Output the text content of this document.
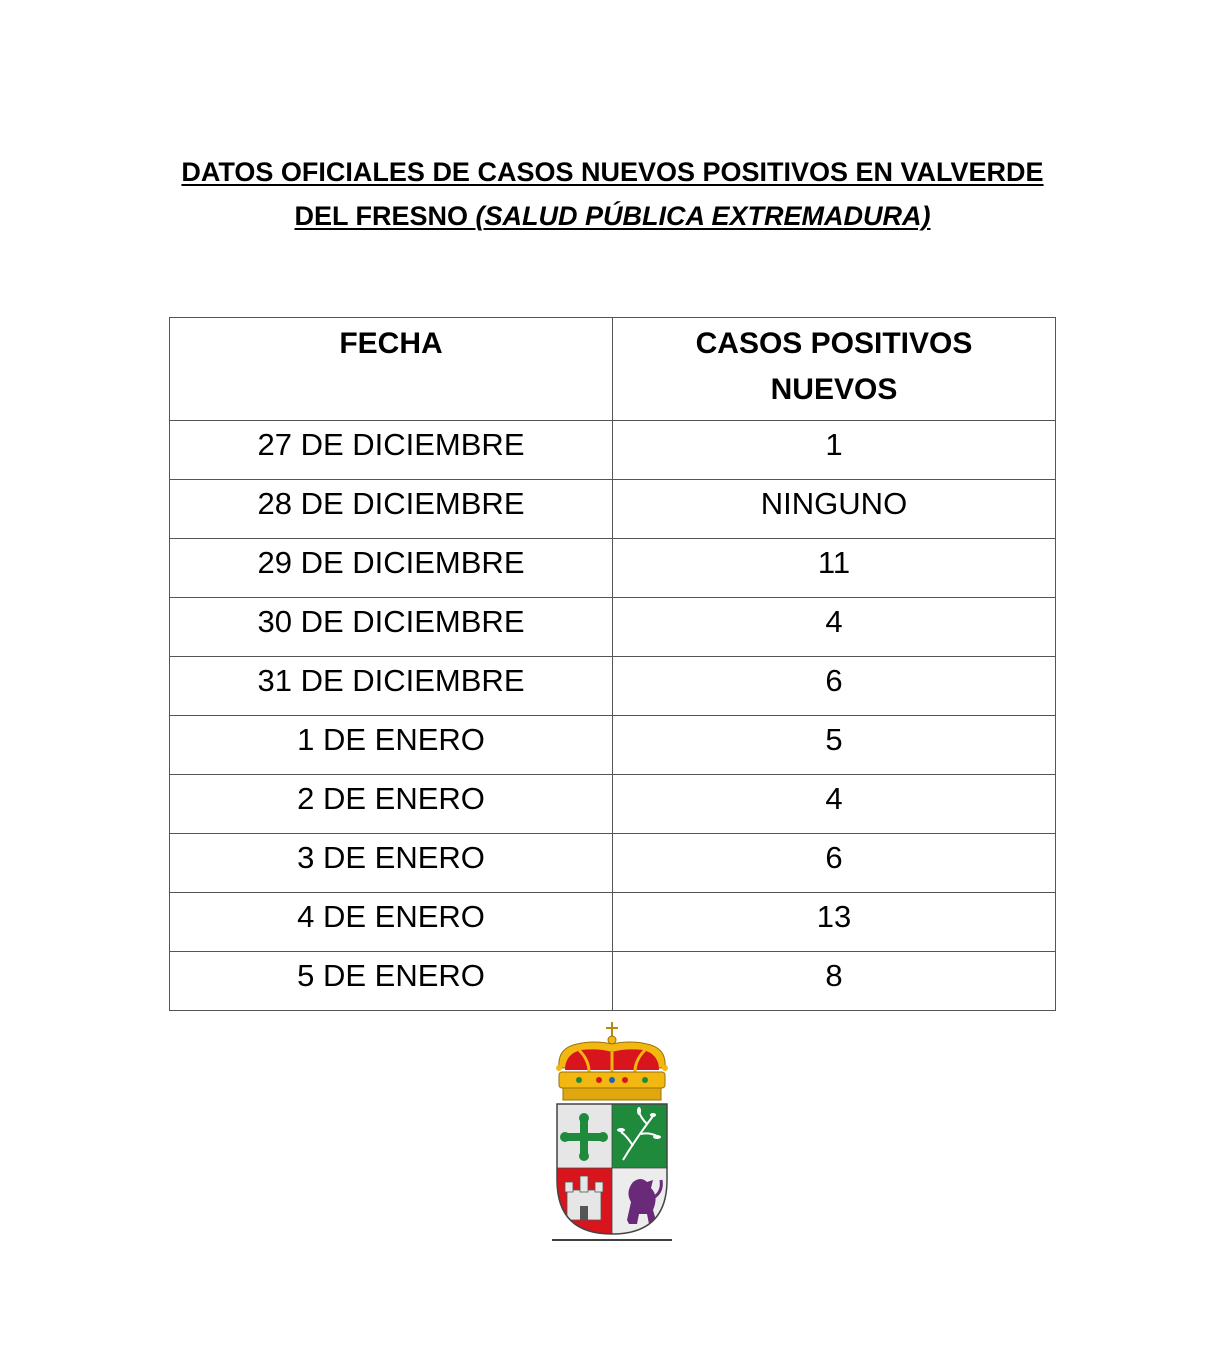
DATOS OFICIALES DE CASOS NUEVOS POSITIVOS EN VALVERDE
DEL FRESNO (SALUD PÚBLICA EXTREMADURA)
FECHA	CASOS POSITIVOS NUEVOS
27 DE DICIEMBRE	1
28 DE DICIEMBRE	NINGUNO
29 DE DICIEMBRE	11
30 DE DICIEMBRE	4
31 DE DICIEMBRE	6
1 DE ENERO	5
2 DE ENERO	4
3 DE ENERO	6
4 DE ENERO	13
5 DE ENERO	8
